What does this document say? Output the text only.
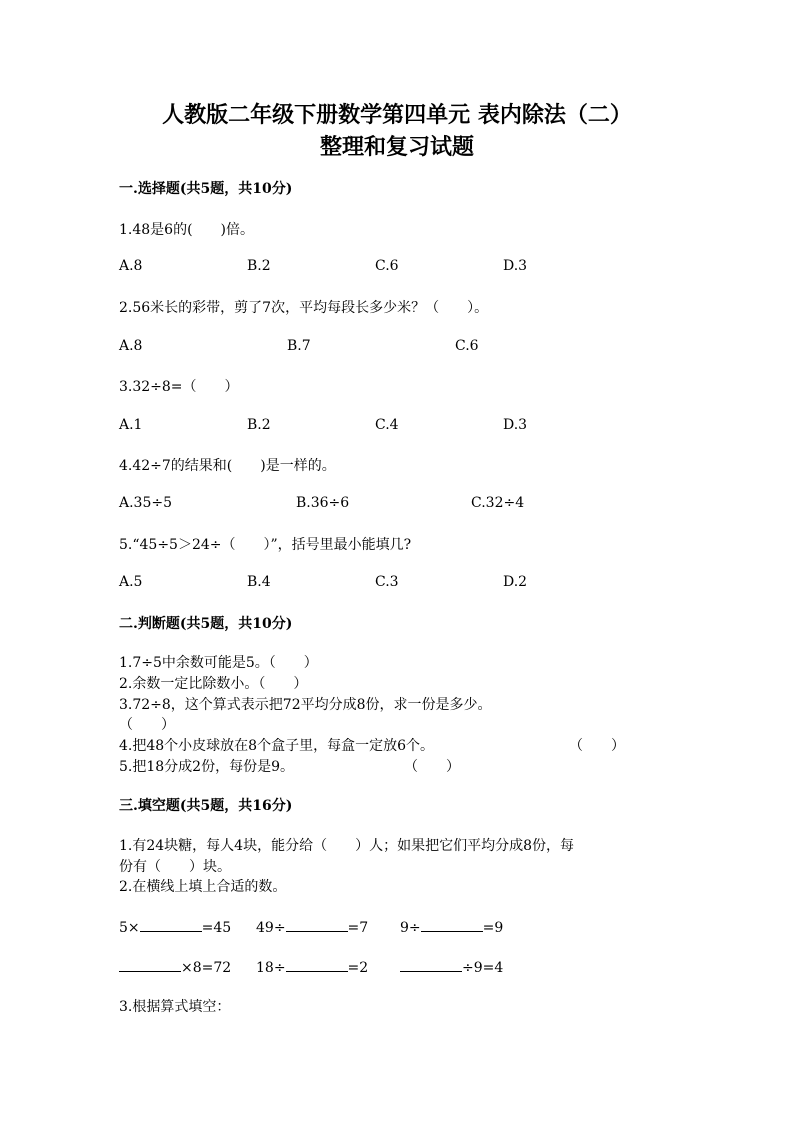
人教版二年级下册数学第四单元 表内除法（二）
整理和复习试题
一.选择题(共5题，共10分)
1.48是6的(　　)倍。
A.8	B.2	C.6	D.3
2.56米长的彩带，剪了7次，平均每段长多少米？（　　）。
A.8	B.7	C.6
3.32÷8=（　　）
A.1	B.2	C.4	D.3
4.42÷7的结果和(　　)是一样的。
A.35÷5	B.36÷6	C.32÷4
5.“45÷5＞24÷（　　）”，括号里最小能填几?
A.5	B.4	C.3	D.2
二.判断题(共5题，共10分)
1.7÷5中余数可能是5。（　　）
2.余数一定比除数小。（　　）
3.72÷8，这个算式表示把72平均分成8份，求一份是多少。
（　　）
4.把48个小皮球放在8个盒子里，每盒一定放6个。	（　　）
5.把18分成2份，每份是9。	（　　）
三.填空题(共5题，共16分)
1.有24块糖，每人4块，能分给（　　）人；如果把它们平均分成8份，每
份有（　　）块。
2.在横线上填上合适的数。
5×	=45 49÷	=7 9÷	=9
×8=72 18÷	=2	÷9=4
3.根据算式填空：
